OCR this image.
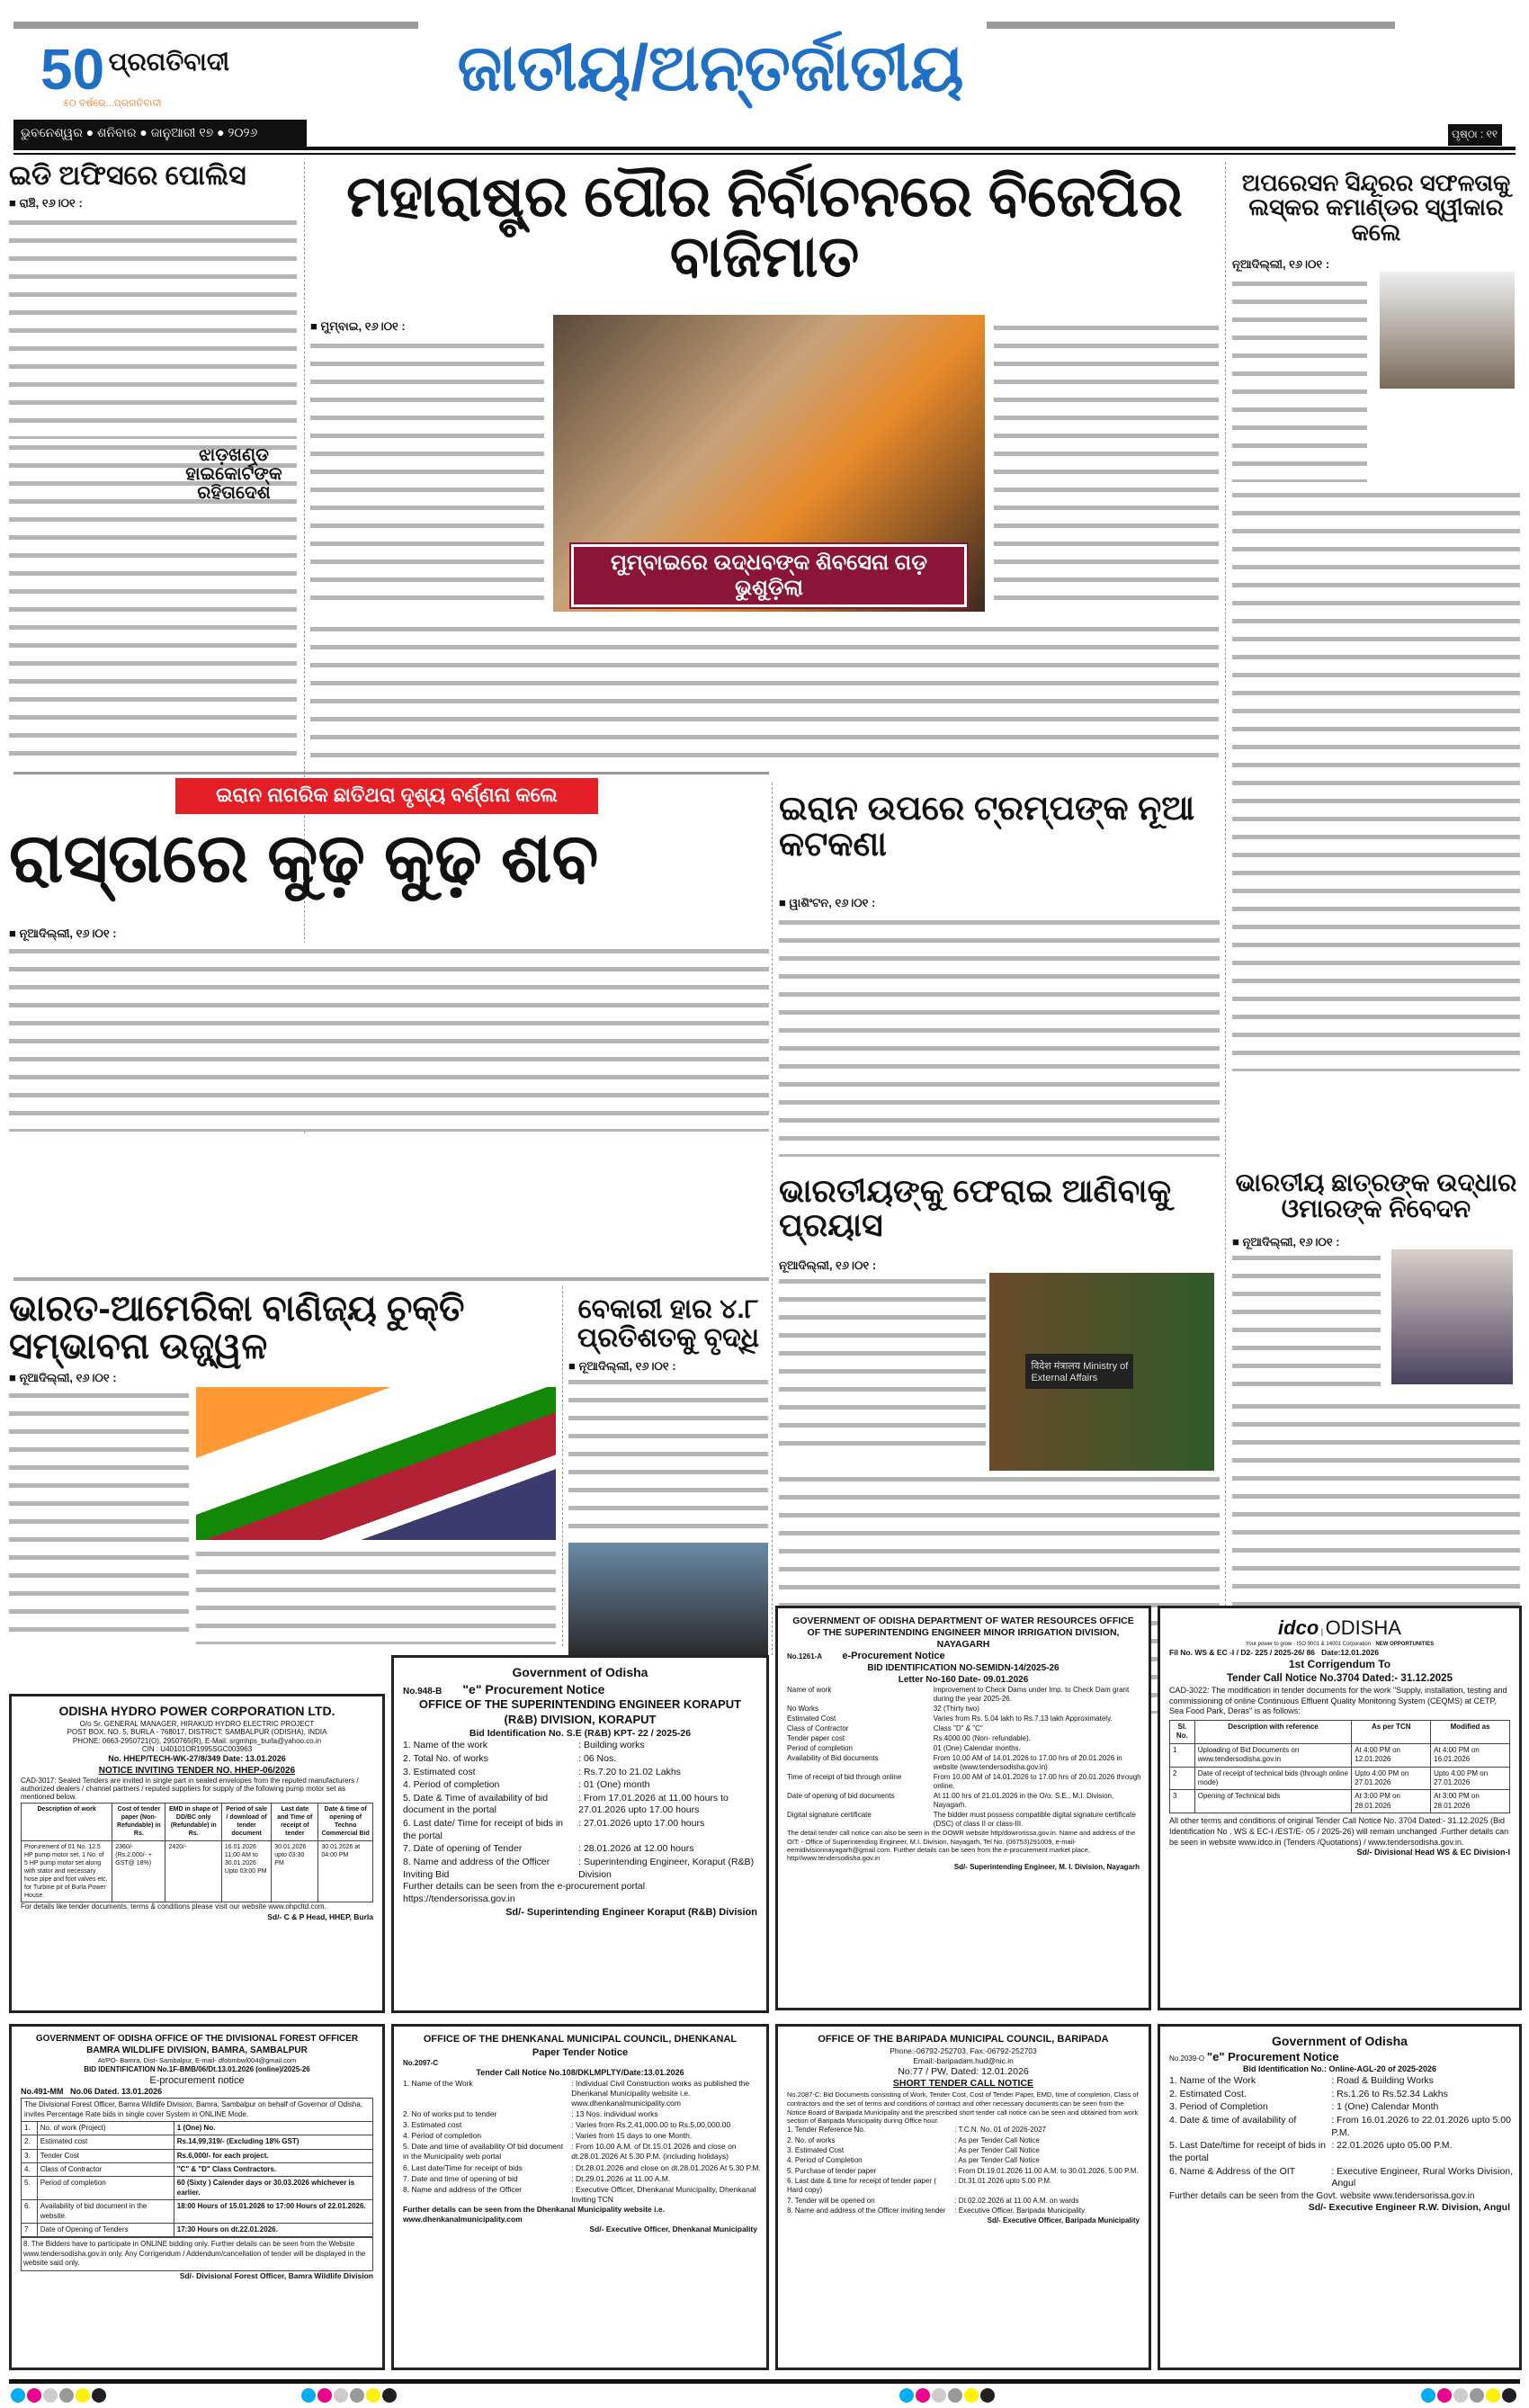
50 ପ୍ରଗତିବାଦୀ
୫୦ ବର୍ଷରେ...ପ୍ରଗତିବାଦୀ	ଜାତୀୟ/ଅନ୍ତର୍ଜାତୀୟ
ଭୁବନେଶ୍ୱର ● ଶନିବାର ● ଜାନୁଆରୀ ୧୭ ● ୨୦୨୬	ପୃଷ୍ଠା : ୧୧
ଇଡି ଅଫିସରେ ପୋଲିସ
■ ରାଞ୍ଚି, ୧୬।୦୧ :
ଝାଡ଼ଖଣ୍ଡ ହାଇକୋର୍ଟଙ୍କ ରହିତାଦେଶ
ମହାରାଷ୍ଟ୍ର ପୌର ନିର୍ବାଚନରେ ବିଜେପିର ବାଜିମାତ
■ ମୁମ୍ବାଇ, ୧୬।୦୧ :
ମୁମ୍ବାଇରେ ଉଦ୍ଧବଙ୍କ ଶିବସେନା ଗଡ଼ ଭୁଶୁଡ଼ିଲା
ଅପରେସନ ସିନ୍ଦୂରର ସଫଳତାକୁ ଲସ୍କର କମାଣ୍ଡର ସ୍ୱୀକାର କଲେ
ନୂଆଦିଲ୍ଲୀ, ୧୬।୦୧ :

ଇରାନ ନାଗରିକ ଛାତିଥରା ଦୃଶ୍ୟ ବର୍ଣ୍ଣନା କଲେ
ରାସ୍ତାରେ କୁଢ଼ କୁଢ଼ ଶବ
■ ନୂଆଦିଲ୍ଲୀ, ୧୬।୦୧ :
ଇରାନ ଉପରେ ଟ୍ରମ୍ପଙ୍କ ନୂଆ କଟକଣା
■ ୱାଶିଂଟନ, ୧୬।୦୧ :
ଭାରତୀୟ ଛାତ୍ରଙ୍କ ଉଦ୍ଧାର ଓମାରଙ୍କ ନିବେଦନ
■ ନୂଆଦିଲ୍ଲୀ, ୧୬।୦୧ :

ଭାରତ-ଆମେରିକା ବାଣିଜ୍ୟ ଚୁକ୍ତି ସମ୍ଭାବନା ଉଜ୍ଜ୍ୱଳ
■ ନୂଆଦିଲ୍ଲୀ, ୧୬।୦୧ :
ବେକାରୀ ହାର ୪.୮ ପ୍ରତିଶତକୁ ବୃଦ୍ଧି
■ ନୂଆଦିଲ୍ଲୀ, ୧୬।୦୧ :
ଭାରତୀୟଙ୍କୁ ଫେରାଇ ଆଣିବାକୁ ପ୍ରୟାସ
ନୂଆଦିଲ୍ଲୀ, ୧୬।୦୧ :

विदेश मंत्रालय Ministry of External Affairs
ODISHA HYDRO POWER CORPORATION LTD.
O/o Sr. GENERAL MANAGER, HIRAKUD HYDRO ELECTRIC PROJECT
POST BOX. NO. 5, BURLA - 768017, DISTRICT: SAMBALPUR (ODISHA), INDIA
PHONE: 0663-2950721(O), 2950765(R), E-Mail: srgmhps_burla@yahoo.co.in
CIN : U40101OR1995SGC003963
No. HHEP/TECH-WK-27/8/349 Date: 13.01.2026
NOTICE INVITING TENDER NO. HHEP-06/2026
CAD-3017: Sealed Tenders are invited in single part in sealed envelopes from the reputed manufacturers / authorized dealers / channel partners / reputed suppliers for supply of the following pump motor set as mentioned below.
Description of work	Cost of tender paper (Non-Refundable) in Rs.	EMD in shape of DD/BC only (Refundable) in Rs.	Period of sale / download of tender document	Last date and Time of receipt of tender	Date & time of opening of Techno Commercial Bid
Prorurement of 01 No. 12.5 HP pump motor set, 1 No. of 5 HP pump motor set along with stator and necessary hose pipe and foot valves etc. for Turbine pit of Burla Power House.	2360/- (Rs.2,000/- + GST@ 18%)	2420/-	16.01.2026 11:00 AM to 30.01.2026 Upto 03:00 PM	30.01.2026 upto 03:30 PM	30.01.2026 at 04:00 PM
For details like tender documents, terms & conditions please visit our website www.ohpcltd.com.
Sd/- C & P Head, HHEP, Burla
Government of Odisha
No.948-B "e" Procurement Notice
OFFICE OF THE SUPERINTENDING ENGINEER KORAPUT (R&B) DIVISION, KORAPUT
Bid Identification No. S.E (R&B) KPT- 22 / 2025-26
1. Name of the work	: Building works
2. Total No. of works	: 06 Nos.
3. Estimated cost	: Rs.7.20 to 21.02 Lakhs
4. Period of completion	: 01 (One) month
5. Date & Time of availability of bid document in the portal
: From 17.01.2026 at 11.00 hours to 27.01.2026 upto 17.00 hours
6. Last date/ Time for receipt of bids in the portal
: 27.01.2026 upto 17.00 hours
7. Date of opening of Tender	: 28.01.2026 at 12.00 hours
8. Name and address of the Officer Inviting Bid
: Superintending Engineer, Koraput (R&B) Division
Further details can be seen from the e-procurement portal https://tendersorissa.gov.in
Sd/- Superintending Engineer Koraput (R&B) Division
GOVERNMENT OF ODISHA DEPARTMENT OF WATER RESOURCES OFFICE OF THE SUPERINTENDING ENGINEER MINOR IRRIGATION DIVISION, NAYAGARH
No.1261-A e-Procurement Notice
BID IDENTIFICATION NO-SEMIDN-14/2025-26
Letter No-160 Date- 09.01.2026
Name of work	Improvement to Check Dams under Imp. to Check Dam grant during the year 2025-26.
No Works	32 (Thirty two)
Estimated Cost	Varies from Rs. 5.04 lakh to Rs.7.13 lakh Approximately.
Class of Contractor	Class "D" & "C"
Tender paper cost	Rs.4000.00 (Non- refundable).
Period of completion	01 (One) Calendar months.
Availability of Bid documents	From 10.00 AM of 14.01.2026 to 17.00 hrs of 20.01.2026 in website (www.tendersodisha.gov.in)
Time of receipt of bid through online	From 10.00 AM of 14.01.2026 to 17.00 hrs of 20.01.2026 through online.
Date of opening of bid documents	At 11.00 hrs of 21.01.2026 in the O/o. S.E., M.I. Division, Nayagarh.
Digital signature certificate	The bidder must possess compatible digital signature certificate (DSC) of class II or class-III.
The detail tender call notice can also be seen in the DOWR website http/dowrorissa.gov.in. Name and address of the OIT: - Office of Superintending Engineer, M.I. Division, Nayagarh, Tel No. (06753)291009, e-mail- eemidivisionnayagarh@gmail.com. Further details can be seen from the e-procurement market place, http//www.tendersodisha.gov.in
Sd/- Superintending Engineer, M. I. Division, Nayagarh
idco | ODISHA
Your power to grow · ISO 9001 & 14001 Corporation · NEW OPPORTUNITIES
Fil No. WS & EC -I / D2- 225 / 2025-26/ 86 Date:12.01.2026
1st Corrigendum To
Tender Call Notice No.3704 Dated:- 31.12.2025
CAD-3022: The modification in tender documents for the work "Supply, installation, testing and commissioning of online Continuous Effluent Quality Monitoring System (CEQMS) at CETP, Sea Food Park, Deras" is as follows:
Sl. No.	Description with reference	As per TCN	Modified as
1	Uploading of Bid Documents on www.tendersodisha.gov.in	At 4:00 PM on 12.01.2026	At 4:00 PM on 16.01.2026
2	Date of receipt of technical bids (through online mode)	Upto 4:00 PM on 27.01.2026	Upto 4:00 PM on 27.01.2026
3	Opening of Technical bids	At 3:00 PM on 28.01.2026	At 3:00 PM on 28.01.2026
All other terms and conditions of original Tender Call Notice No. 3704 Dated:- 31.12.2025 (Bid Identification No . WS & EC-I /EST/E- 05 / 2025-26) will remain unchanged .Further details can be seen in website www.idco.in (Tenders /Quotations) / www.tendersodisha.gov.in.
Sd/- Divisional Head WS & EC Division-I
GOVERNMENT OF ODISHA OFFICE OF THE DIVISIONAL FOREST OFFICER BAMRA WILDLIFE DIVISION, BAMRA, SAMBALPUR
At/PO- Bamra, Dist- Sambalpur, E-mail- dfobmbwl004@gmail.com
BID IDENTIFICATION No.1F-BMB/06/Dt.13.01.2026 (online)/2025-26
E-procurement notice
No.491-MM No.06 Dated. 13.01.2026
The Divisional Forest Officer, Bamra Wildlife Division, Bamra, Sambalpur on behalf of Governor of Odisha, invites Percentage Rate bids in single cover System in ONLINE Mode.		
1.	No. of work (Project)	1 (One) No.
2.	Estimated cost	Rs.14,99,319/- (Excluding 18% GST)
3.	Tender Cost	Rs.6,000/- for each project.
4.	Class of Contractor	"C" & "D" Class Contractors.
5.	Period of completion	60 (Sixty ) Calender days or 30.03.2026 whichever is earlier.
6.	Availability of bid document in the website.	18:00 Hours of 15.01.2026 to 17:00 Hours of 22.01.2026.
7	Date of Opening of Tenders	17:30 Hours on dt.22.01.2026.
8. The Bidders have to participate in ONLINE bidding only. Further details can be seen from the Website www.tendersodisha.gov.in only. Any Corrigendum / Addendum/cancellation of tender will be displayed in the website said only.
Sd/- Divisional Forest Officer, Bamra Wildlife Division
OFFICE OF THE DHENKANAL MUNICIPAL COUNCIL, DHENKANAL
Paper Tender Notice
No.2097-C
Tender Call Notice No.108/DKLMPLTY/Date:13.01.2026
1. Name of the Work	: Individual Civil Construction works as published the Dhenkanal Municipality website i.e. www.dhenkanalmunicipality.com
2. No of works put to tender	: 13 Nos. individual works
3. Estimated cost	: Varies from Rs.2,41,000.00 to Rs.5,00,000.00
4. Period of completion	: Varies from 15 days to one Month.
5. Date and time of availability Of bid document in the Municipality web portal
: From 10.00 A.M. of Dt.15.01.2026 and close on dt.28.01.2026 At 5.30 P.M. (including holidays)
6. Last date/Time for receipt of bids	: Dt.28.01.2026 and close on dt.28.01.2026 At 5.30 P.M.
7. Date and time of opening of bid	: Dt.29.01.2026 at 11.00 A.M.
8. Name and address of the Officer	: Executive Officer, Dhenkanal Municipality, Dhenkanal Inviting TCN
Further details can be seen from the Dhenkanal Municipality website i.e. www.dhenkanalmunicipality.com
Sd/- Executive Officer, Dhenkanal Municipality
OFFICE OF THE BARIPADA MUNICIPAL COUNCIL, BARIPADA
Phone:-06792-252703, Fax:-06792-252703
Email:-baripadam.hud@nic.in
No:77 / PW, Dated: 12.01.2026
SHORT TENDER CALL NOTICE
No.2087-C: Bid Documents consisting of Work, Tender Cost, Cost of Tender Paper, EMD, time of completion, Class of contractors and the set of terms and conditions of contract and other necessary documents can be seen from the Notice Board of Baripada Municipality and the prescribed short tender call notice can be seen and obtained from work section of Baripada Municipality during Office hour.
1. Tender Reference No.	: T.C.N. No. 01 of 2026-2027
2. No. of works	: As per Tender Call Notice
3. Estimated Cost	: As per Tender Call Notice
4. Period of Completion	: As per Tender Call Notice
5. Purchase of tender paper	: From Dt.19.01.2026 11.00 A.M. to 30.01.2026, 5.00 P.M.
6. Last date & time for receipt of tender paper ( Hard copy)
: Dt.31.01.2026 upto 5.00 P.M.
7. Tender will be opened on	: Dt.02.02.2026 at 11.00 A.M. on wards
8. Name and address of the Officer inviting tender	: Executive Officer, Baripada Municipality
Sd/- Executive Officer, Baripada Municipality
Government of Odisha
No.2039-O "e" Procurement Notice
Bid Identification No.: Online-AGL-20 of 2025-2026
1. Name of the Work	: Road & Building Works
2. Estimated Cost.	: Rs.1.26 to Rs.52.34 Lakhs
3. Period of Completion	: 1 (One) Calendar Month
4. Date & time of availability of	: From 16.01.2026 to 22.01.2026 upto 5.00 P.M.
5. Last Date/time for receipt of bids in the portal
: 22.01.2026 upto 05.00 P.M.
6. Name & Address of the OIT	: Executive Engineer, Rural Works Division, Angul
Further details can be seen from the Govt. website www.tendersorissa.gov.in
Sd/- Executive Engineer R.W. Division, Angul
